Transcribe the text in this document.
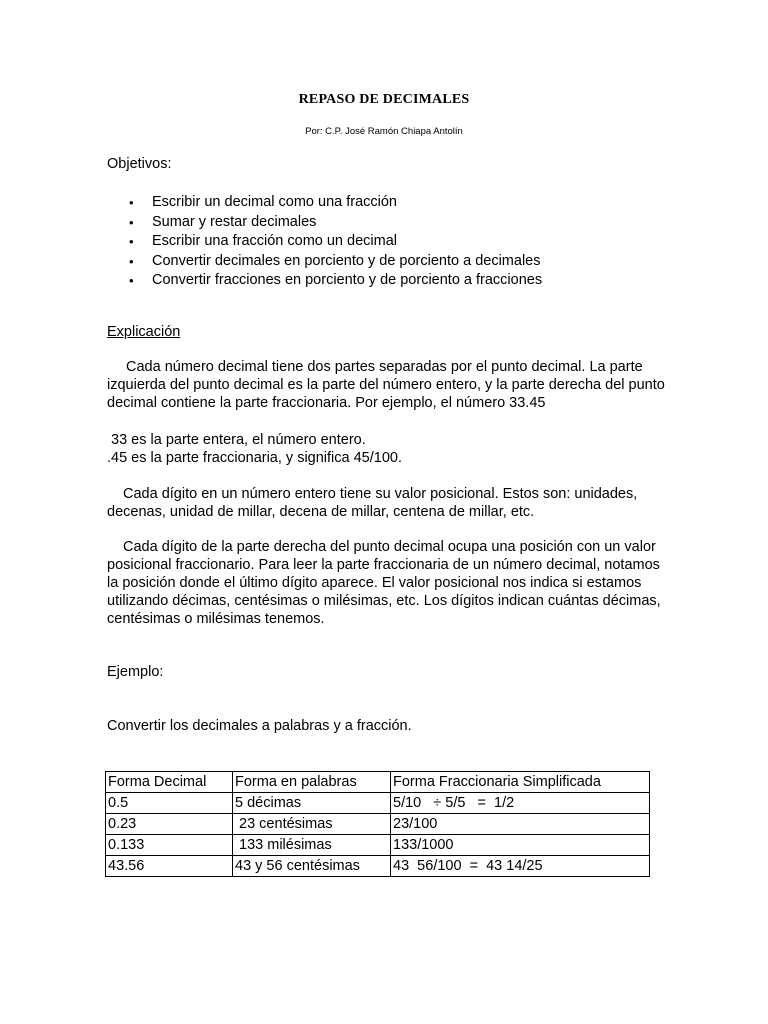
REPASO DE DECIMALES
Por: C.P. José Ramón Chiapa Antolín

Objetivos:

• Escribir un decimal como una fracción
• Sumar y restar decimales
• Escribir una fracción como un decimal
• Convertir decimales en porciento y de porciento a decimales
• Convertir fracciones en porciento y de porciento a fracciones

Explicación

Cada número decimal tiene dos partes separadas por el punto decimal. La parte izquierda del punto decimal es la parte del número entero, y la parte derecha del punto decimal contiene la parte fraccionaria. Por ejemplo, el número 33.45

33 es la parte entera, el número entero.

.45 es la parte fraccionaria, y significa 45/100.

Cada dígito en un número entero tiene su valor posicional. Estos son: unidades, decenas, unidad de millar, decena de millar, centena de millar, etc.

Cada dígito de la parte derecha del punto decimal ocupa una posición con un valor posicional fraccionario. Para leer la parte fraccionaria de un número decimal, notamos la posición donde el último dígito aparece. El valor posicional nos indica si estamos utilizando décimas, centésimas o milésimas, etc. Los dígitos indican cuántas décimas, centésimas o milésimas tenemos.

Ejemplo:

Convertir los decimales a palabras y a fracción.

Forma Decimal	Forma en palabras	Forma Fraccionaria Simplificada
0.5	5 décimas	5/10   ÷ 5/5   =  1/2
0.23	23 centésimas	23/100
0.133	133 milésimas	133/1000
43.56	43 y 56 centésimas	43  56/100  =  43 14/25
